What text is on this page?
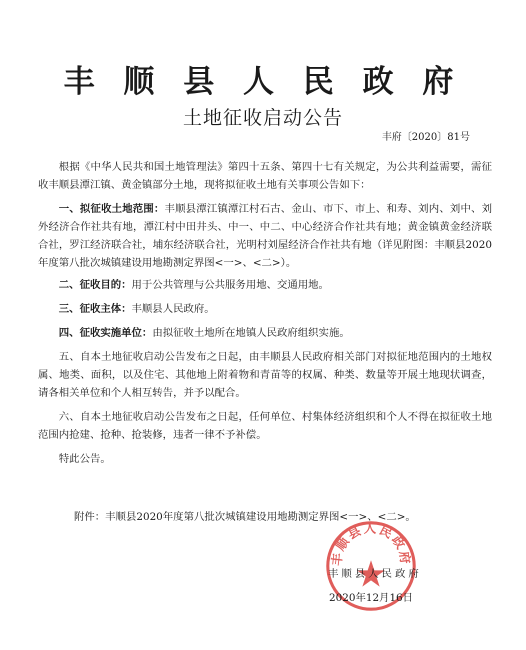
丰 顺 县 人 民 政 府
土地征收启动公告
丰府〔2020〕81号

根据《中华人民共和国土地管理法》第四十五条、第四十七有关规定，为公共利益需要，需征收丰顺县潭江镇、黄金镇部分土地，现将拟征收土地有关事项公告如下：

一、拟征收土地范围：丰顺县潭江镇潭江村石古、金山、市下、市上、和寿、刘内、刘中、刘外经济合作社共有地，潭江村中田井头、中一、中二、中心经济合作社共有地；黄金镇黄金经济联合社，罗江经济联合社，埔东经济联合社，光明村刘屋经济合作社共有地（详见附图：丰顺县2020年度第八批次城镇建设用地勘测定界图<一>、<二>）。

二、征收目的：用于公共管理与公共服务用地、交通用地。

三、征收主体：丰顺县人民政府。

四、征收实施单位：由拟征收土地所在地镇人民政府组织实施。

五、自本土地征收启动公告发布之日起，由丰顺县人民政府相关部门对拟征地范围内的土地权属、地类、面积，以及住宅、其他地上附着物和青苗等的权属、种类、数量等开展土地现状调查，请各相关单位和个人相互转告，并予以配合。

六、自本土地征收启动公告发布之日起，任何单位、村集体经济组织和个人不得在拟征收土地范围内抢建、抢种、抢装修，违者一律不予补偿。

特此公告。

附件：丰顺县2020年度第八批次城镇建设用地勘测定界图<一>、<二>。
丰顺县人民政府
丰顺县人民政府
2020年12月16日
